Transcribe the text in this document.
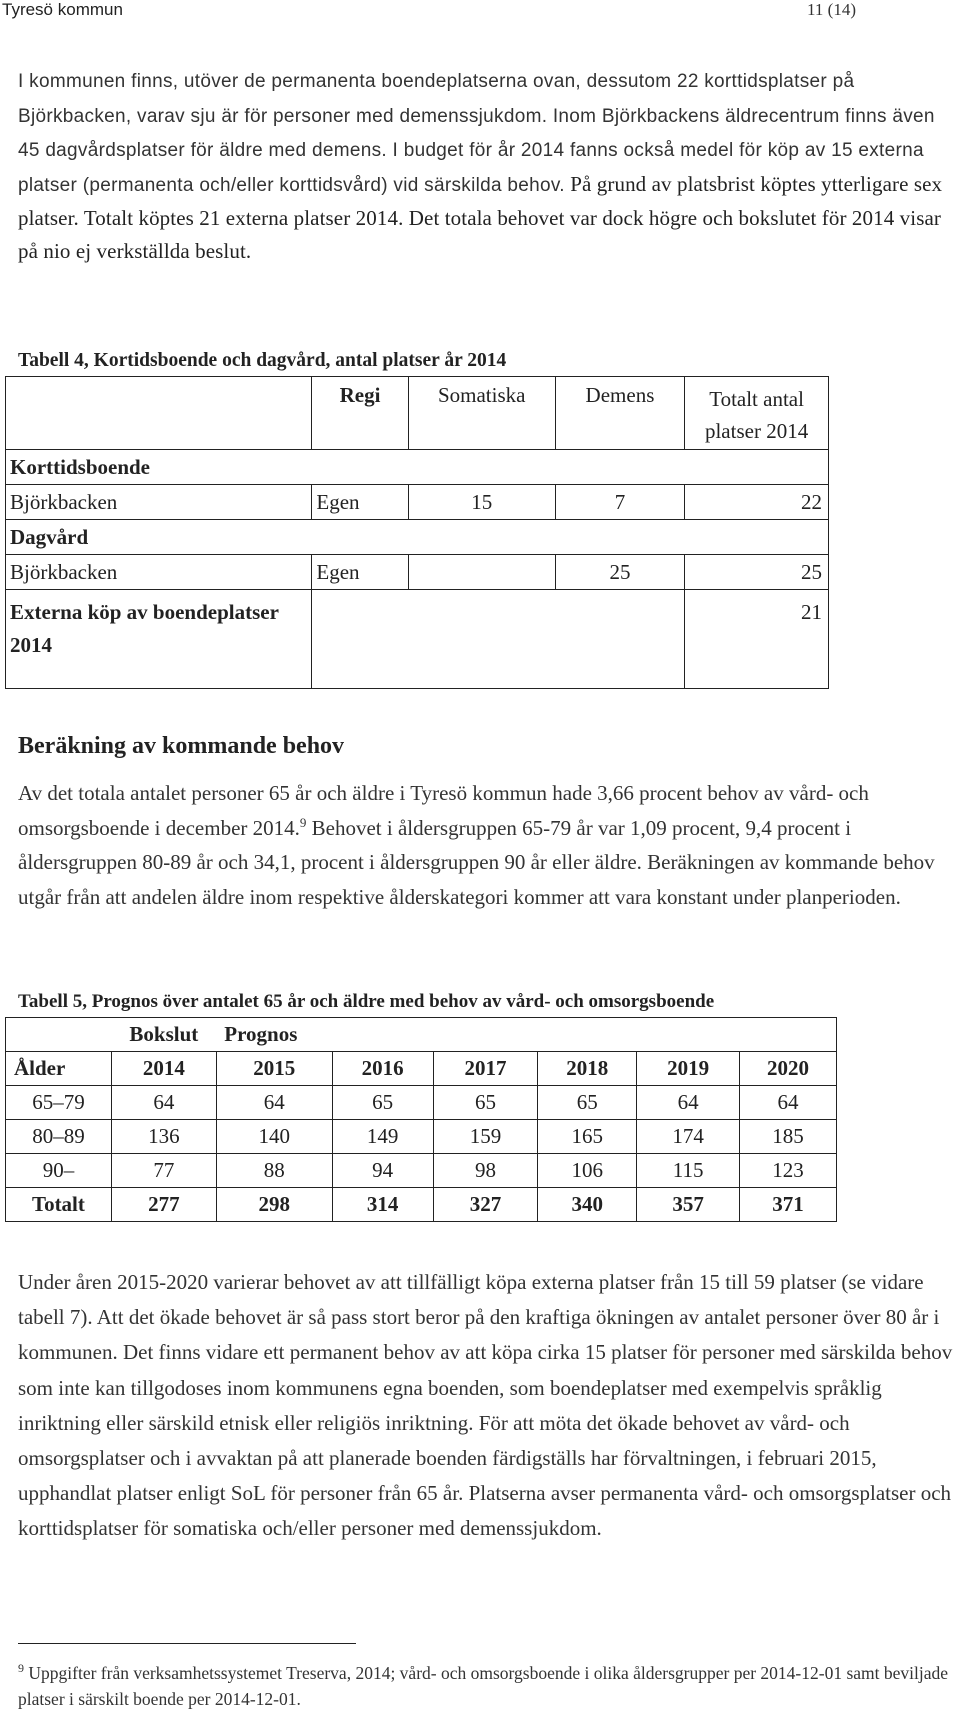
Tyresö kommun	11 (14)
I kommunen finns, utöver de permanenta boendeplatserna ovan, dessutom 22 korttidsplatser på Björkbacken, varav sju är för personer med demenssjukdom. Inom Björkbackens äldrecentrum finns även 45 dagvårdsplatser för äldre med demens. I budget för år 2014 fanns också medel för köp av 15 externa platser (permanenta och/eller korttidsvård) vid särskilda behov. På grund av platsbrist köptes ytterligare sex platser. Totalt köptes 21 externa platser 2014. Det totala behovet var dock högre och bokslutet för 2014 visar på nio ej verkställda beslut.
Tabell 4, Kortidsboende och dagvård, antal platser år 2014
	Regi	Somatiska	Demens	Totalt antal platser 2014
Korttidsboende				
Björkbacken	Egen	15	7	22
Dagvård				
Björkbacken	Egen		25	25
Externa köp av boendeplatser 2014				21
Beräkning av kommande behov
Av det totala antalet personer 65 år och äldre i Tyresö kommun hade 3,66 procent behov av vård- och omsorgsboende i december 2014.$^9$ Behovet i åldersgruppen 65-79 år var 1,09 procent, 9,4 procent i åldersgruppen 80-89 år och 34,1, procent i åldersgruppen 90 år eller äldre. Beräkningen av kommande behov utgår från att andelen äldre inom respektive ålderskategori kommer att vara konstant under planperioden.
Tabell 5, Prognos över antalet 65 år och äldre med behov av vård- och omsorgsboende
	Bokslut	Prognos					
Ålder	2014	2015	2016	2017	2018	2019	2020
65–79	64	64	65	65	65	64	64
80–89	136	140	149	159	165	174	185
90–	77	88	94	98	106	115	123
Totalt	277	298	314	327	340	357	371
Under åren 2015-2020 varierar behovet av att tillfälligt köpa externa platser från 15 till 59 platser (se vidare tabell 7). Att det ökade behovet är så pass stort beror på den kraftiga ökningen av antalet personer över 80 år i kommunen. Det finns vidare ett permanent behov av att köpa cirka 15 platser för personer med särskilda behov som inte kan tillgodoses inom kommunens egna boenden, som boendeplatser med exempelvis språklig inriktning eller särskild etnisk eller religiös inriktning. För att möta det ökade behovet av vård- och omsorgsplatser och i avvaktan på att planerade boenden färdigställs har förvaltningen, i februari 2015, upphandlat platser enligt SoL för personer från 65 år. Platserna avser permanenta vård- och omsorgsplatser och korttidsplatser för somatiska och/eller personer med demenssjukdom.
$^9$ Uppgifter från verksamhetssystemet Treserva, 2014; vård- och omsorgsboende i olika åldersgrupper per 2014-12-01 samt beviljade platser i särskilt boende per 2014-12-01.
